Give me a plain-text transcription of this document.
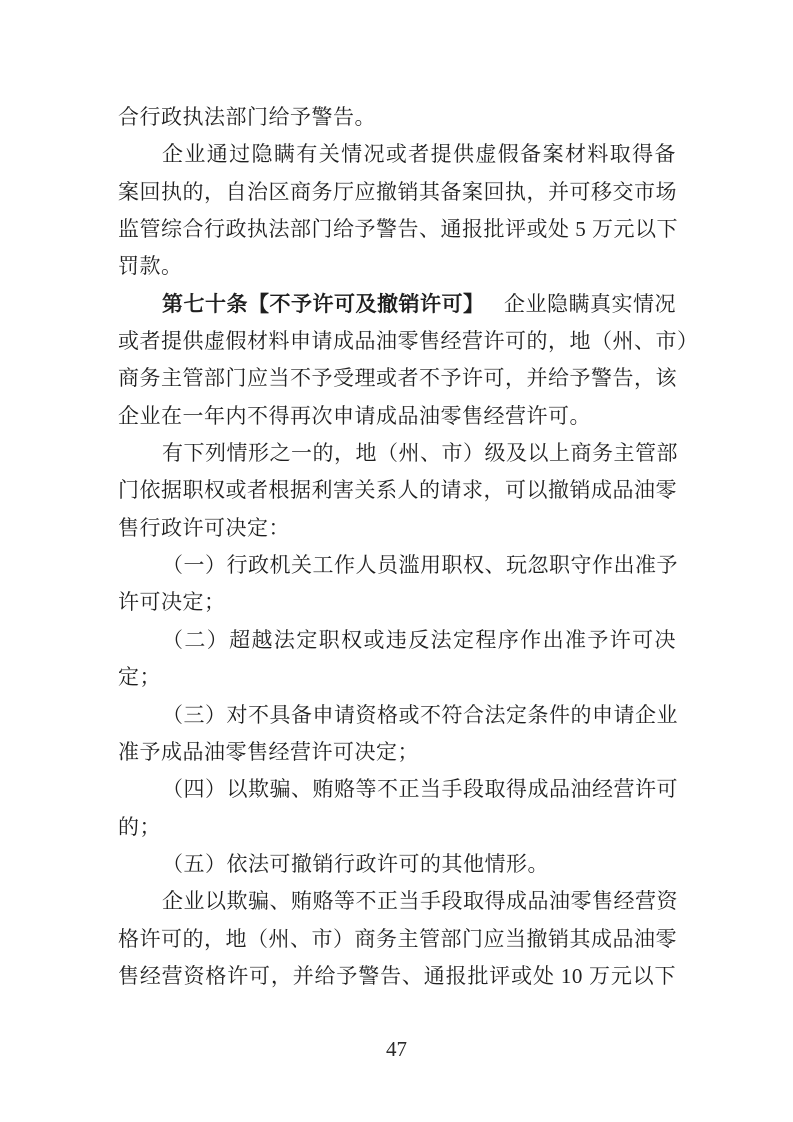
合行政执法部门给予警告。
企业通过隐瞒有关情况或者提供虚假备案材料取得备
案回执的，自治区商务厅应撤销其备案回执，并可移交市场
监管综合行政执法部门给予警告、通报批评或处 5 万元以下
罚款。
第七十条【不予许可及撤销许可】 企业隐瞒真实情况
或者提供虚假材料申请成品油零售经营许可的，地（州、市）
商务主管部门应当不予受理或者不予许可，并给予警告，该
企业在一年内不得再次申请成品油零售经营许可。
有下列情形之一的，地（州、市）级及以上商务主管部
门依据职权或者根据利害关系人的请求，可以撤销成品油零
售行政许可决定：
（一）行政机关工作人员滥用职权、玩忽职守作出准予
许可决定；
（二）超越法定职权或违反法定程序作出准予许可决
定；
（三）对不具备申请资格或不符合法定条件的申请企业
准予成品油零售经营许可决定；
（四）以欺骗、贿赂等不正当手段取得成品油经营许可
的；
（五）依法可撤销行政许可的其他情形。
企业以欺骗、贿赂等不正当手段取得成品油零售经营资
格许可的，地（州、市）商务主管部门应当撤销其成品油零
售经营资格许可，并给予警告、通报批评或处 10 万元以下
47
